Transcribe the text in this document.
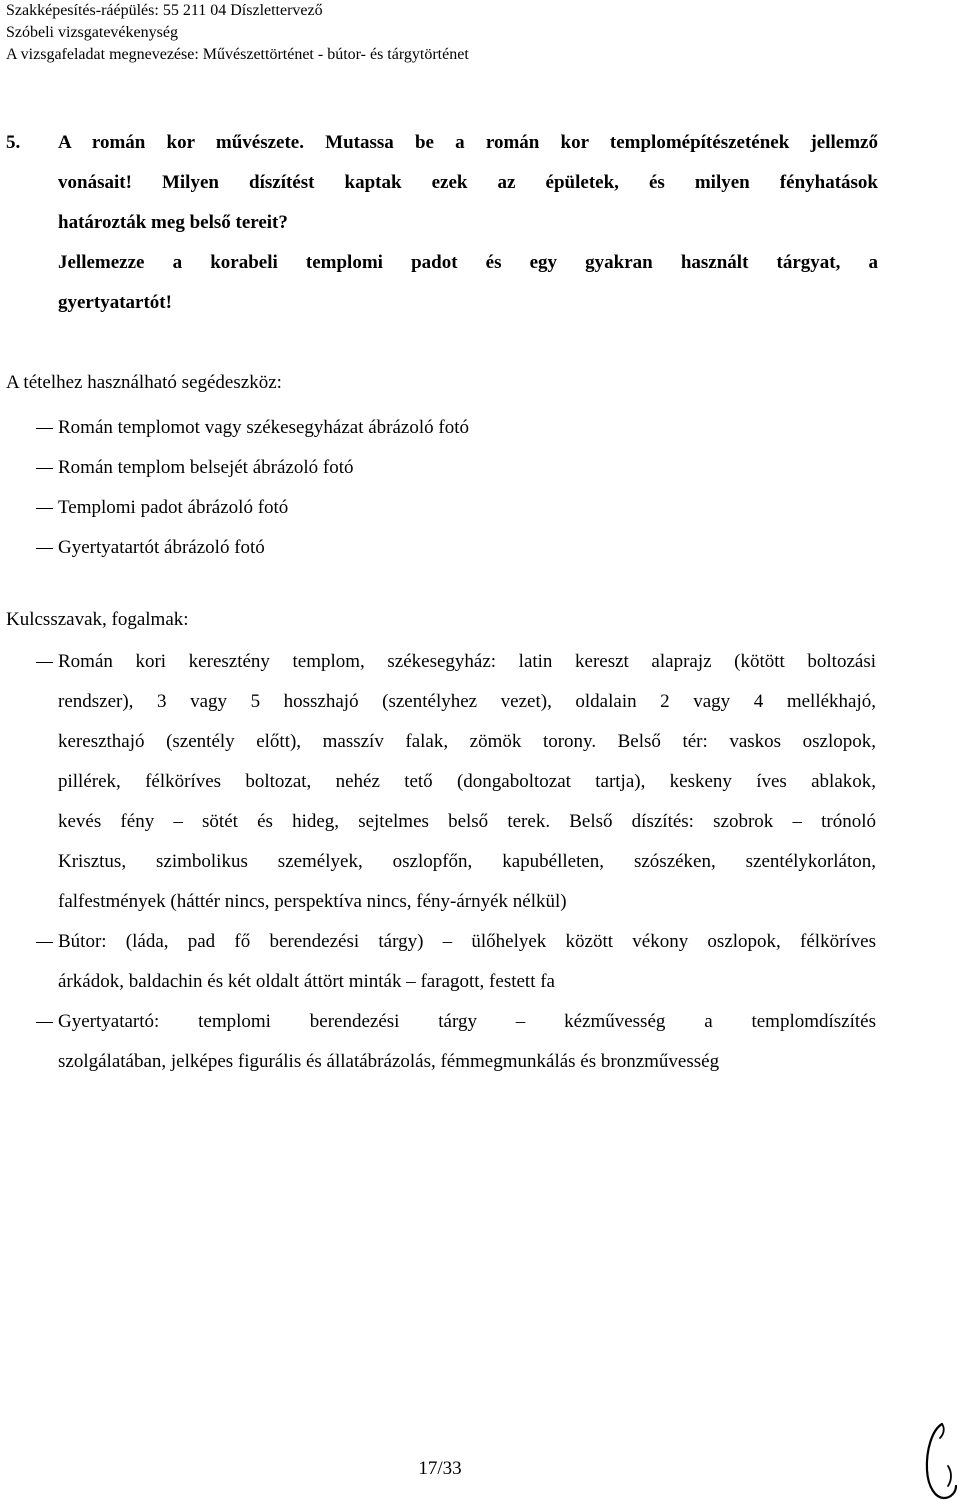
Szakképesítés-ráépülés: 55 211 04 Díszlettervező
Szóbeli vizsgatevékenység
A vizsgafeladat megnevezése: Művészettörténet - bútor- és tárgytörténet
5.	A román kor művészete. Mutassa be a román kor templomépítészetének jellemző
vonásait! Milyen díszítést kaptak ezek az épületek, és milyen fényhatások
határozták meg belső tereit?
Jellemezze a korabeli templomi padot és egy gyakran használt tárgyat, a
gyertyatartót!
A tételhez használható segédeszköz:
Román templomot vagy székesegyházat ábrázoló fotó
Román templom belsejét ábrázoló fotó
Templomi padot ábrázoló fotó
Gyertyatartót ábrázoló fotó
Kulcsszavak, fogalmak:
Román kori keresztény templom, székesegyház: latin kereszt alaprajz (kötött boltozási
rendszer), 3 vagy 5 hosszhajó (szentélyhez vezet), oldalain 2 vagy 4 mellékhajó,
kereszthajó (szentély előtt), masszív falak, zömök torony. Belső tér: vaskos oszlopok,
pillérek, félköríves boltozat, nehéz tető (dongaboltozat tartja), keskeny íves ablakok,
kevés fény – sötét és hideg, sejtelmes belső terek. Belső díszítés: szobrok – trónoló
Krisztus, szimbolikus személyek, oszlopfőn, kapubélleten, szószéken, szentélykorláton,
falfestmények (háttér nincs, perspektíva nincs, fény-árnyék nélkül)
Bútor: (láda, pad fő berendezési tárgy) – ülőhelyek között vékony oszlopok, félköríves
árkádok, baldachin és két oldalt áttört minták – faragott, festett fa
Gyertyatartó: templomi berendezési tárgy – kézművesség a templomdíszítés
szolgálatában, jelképes figurális és állatábrázolás, fémmegmunkálás és bronzművesség
17/33
